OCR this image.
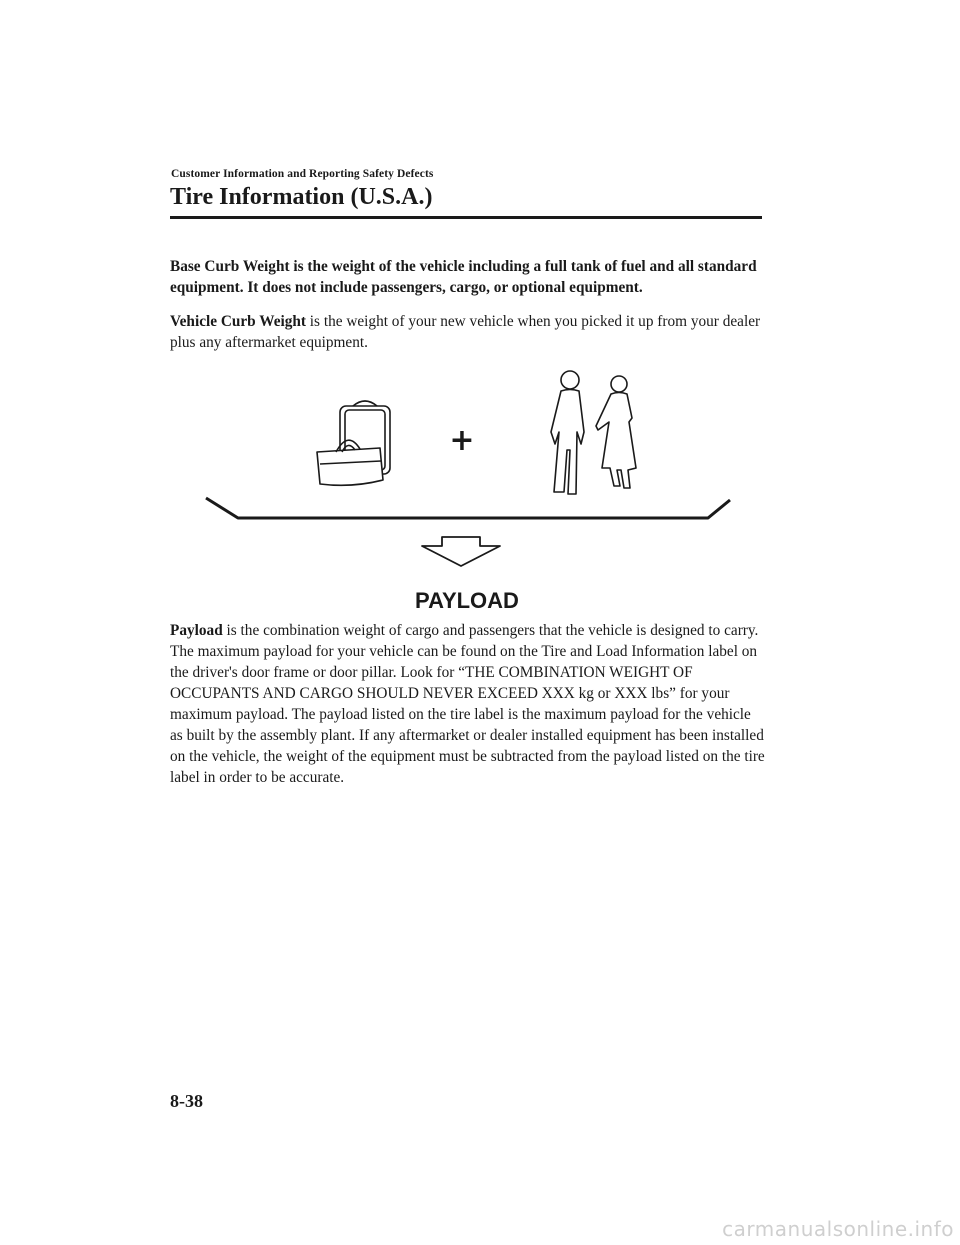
Customer Information and Reporting Safety Defects
Tire Information (U.S.A.)

Base Curb Weight is the weight of the vehicle including a full tank of fuel and all standard equipment. It does not include passengers, cargo, or optional equipment.

Vehicle Curb Weight is the weight of your new vehicle when you picked it up from your dealer plus any aftermarket equipment.

+
PAYLOAD

Payload is the combination weight of cargo and passengers that the vehicle is designed to carry. The maximum payload for your vehicle can be found on the Tire and Load Information label on the driver's door frame or door pillar. Look for “THE COMBINATION WEIGHT OF OCCUPANTS AND CARGO SHOULD NEVER EXCEED XXX kg or XXX lbs” for your maximum payload. The payload listed on the tire label is the maximum payload for the vehicle as built by the assembly plant. If any aftermarket or dealer installed equipment has been installed on the vehicle, the weight of the equipment must be subtracted from the payload listed on the tire label in order to be accurate.

8-38
carmanualsonline.info
